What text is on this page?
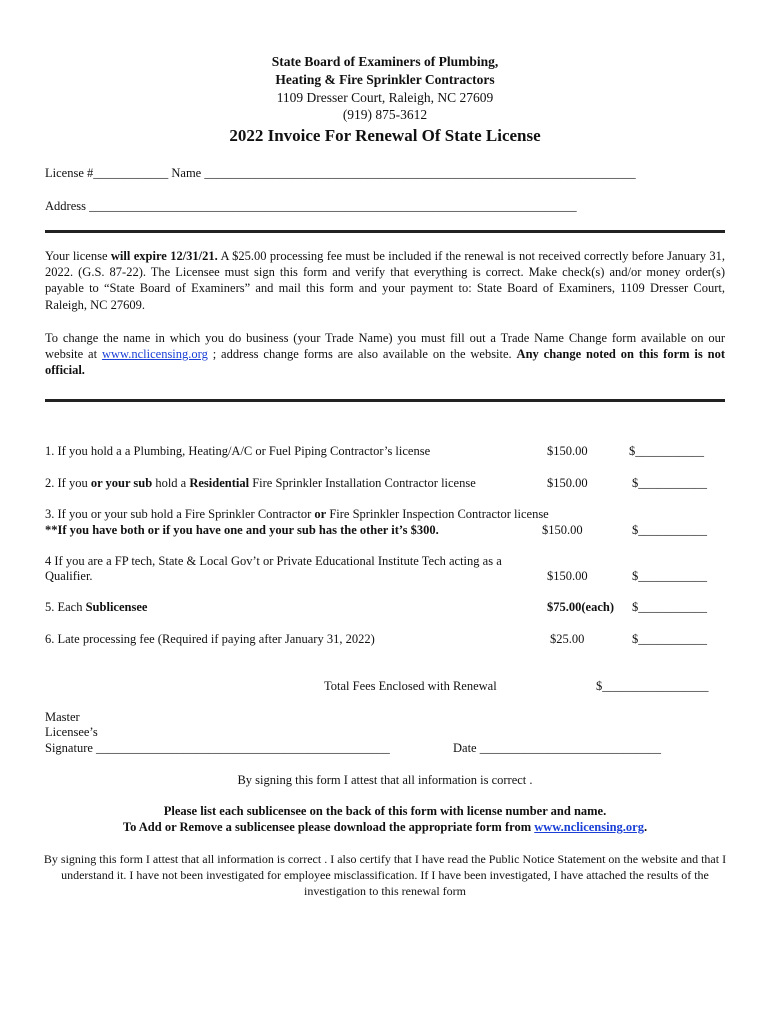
State Board of Examiners of Plumbing,
Heating & Fire Sprinkler Contractors
1109 Dresser Court, Raleigh, NC 27609
(919) 875-3612
2022 Invoice For Renewal Of State License
License #____________ Name _____________________________________________________________________
Address ______________________________________________________________________________
Your license will expire 12/31/21. A $25.00 processing fee must be included if the renewal is not received correctly before January 31, 2022. (G.S. 87-22). The Licensee must sign this form and verify that everything is correct. Make check(s) and/or money order(s) payable to “State Board of Examiners” and mail this form and your payment to: State Board of Examiners, 1109 Dresser Court, Raleigh, NC 27609.
To change the name in which you do business (your Trade Name) you must fill out a Trade Name Change form available on our website at www.nclicensing.org ; address change forms are also available on the website. Any change noted on this form is not official.
1. If you hold a a Plumbing, Heating/A/C or Fuel Piping Contractor’s license	$150.00	$___________
2. If you or your sub hold a Residential Fire Sprinkler Installation Contractor license	$150.00	$___________
3. If you or your sub hold a Fire Sprinkler Contractor or Fire Sprinkler Inspection Contractor license
**If you have both or if you have one and your sub has the other it’s $300.	$150.00	$___________
4 If you are a FP tech, State & Local Gov’t or Private Educational Institute Tech acting as a
Qualifier.	$150.00	$___________
5. Each Sublicensee	$75.00(each) $___________
6. Late processing fee (Required if paying after January 31, 2022)	$25.00	$___________
Total Fees Enclosed with Renewal	$_________________
Master
Licensee’s
Signature _______________________________________________	Date _____________________________
By signing this form I attest that all information is correct .
Please list each sublicensee on the back of this form with license number and name.
To Add or Remove a sublicensee please download the appropriate form from www.nclicensing.org.
By signing this form I attest that all information is correct . I also certify that I have read the Public Notice Statement on the website and that I understand it. I have not been investigated for employee misclassification. If I have been investigated, I have attached the results of the investigation to this renewal form
